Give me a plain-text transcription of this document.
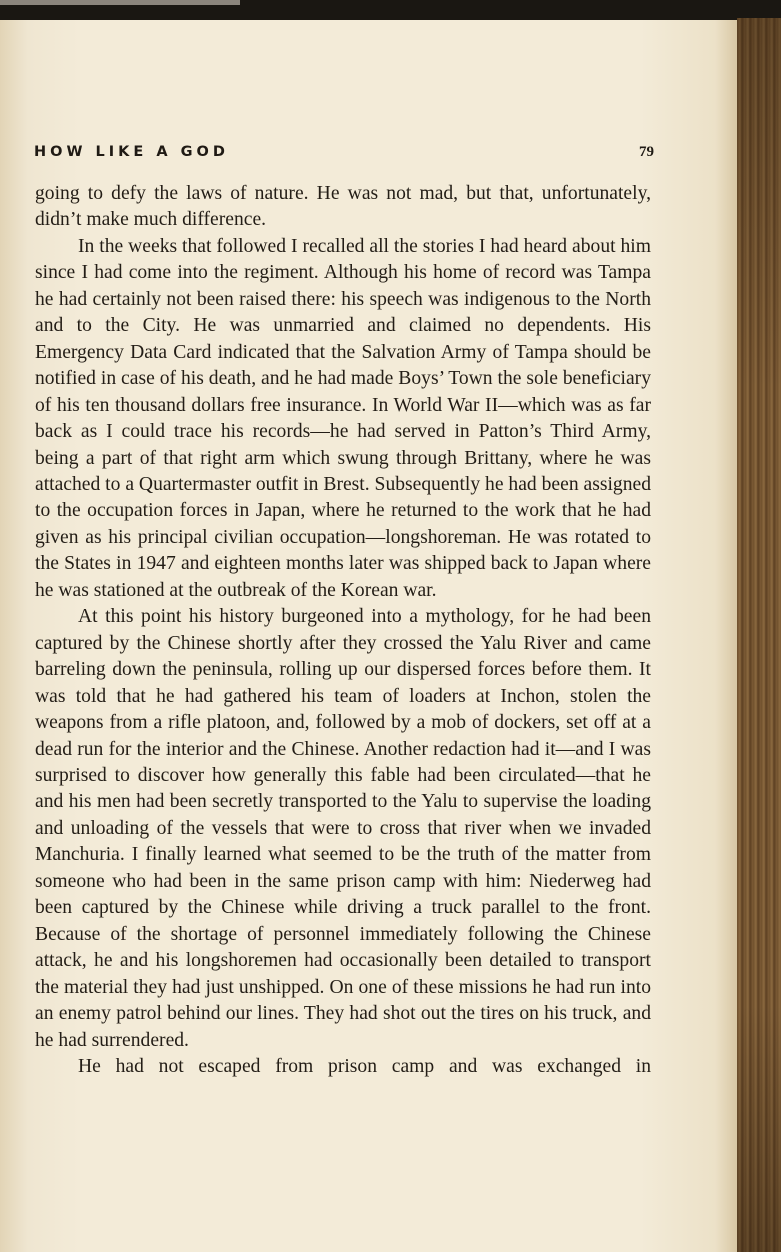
HOW LIKE A GOD	79

going to defy the laws of nature. He was not mad, but that, unfortunately, didn’t make much difference.

In the weeks that followed I recalled all the stories I had heard about him since I had come into the regiment. Although his home of record was Tampa he had certainly not been raised there: his speech was indigenous to the North and to the City. He was unmarried and claimed no dependents. His Emergency Data Card indicated that the Salvation Army of Tampa should be notified in case of his death, and he had made Boys’ Town the sole beneficiary of his ten thousand dollars free insurance. In World War II—which was as far back as I could trace his records—he had served in Patton’s Third Army, being a part of that right arm which swung through Brittany, where he was attached to a Quartermaster outfit in Brest. Subsequently he had been assigned to the occupation forces in Japan, where he returned to the work that he had given as his principal civilian occupation—longshoreman. He was rotated to the States in 1947 and eighteen months later was shipped back to Japan where he was stationed at the outbreak of the Korean war.

At this point his history burgeoned into a mythology, for he had been captured by the Chinese shortly after they crossed the Yalu River and came barreling down the peninsula, rolling up our dispersed forces before them. It was told that he had gathered his team of loaders at Inchon, stolen the weapons from a rifle platoon, and, followed by a mob of dockers, set off at a dead run for the interior and the Chinese. Another redaction had it—and I was surprised to discover how generally this fable had been circulated—that he and his men had been secretly transported to the Yalu to supervise the loading and unloading of the vessels that were to cross that river when we invaded Manchuria. I finally learned what seemed to be the truth of the matter from someone who had been in the same prison camp with him: Niederweg had been captured by the Chinese while driving a truck parallel to the front. Because of the shortage of personnel immediately following the Chinese attack, he and his longshoremen had occasionally been detailed to transport the material they had just unshipped. On one of these missions he had run into an enemy patrol behind our lines. They had shot out the tires on his truck, and he had surrendered.

He had not escaped from prison camp and was exchanged in
